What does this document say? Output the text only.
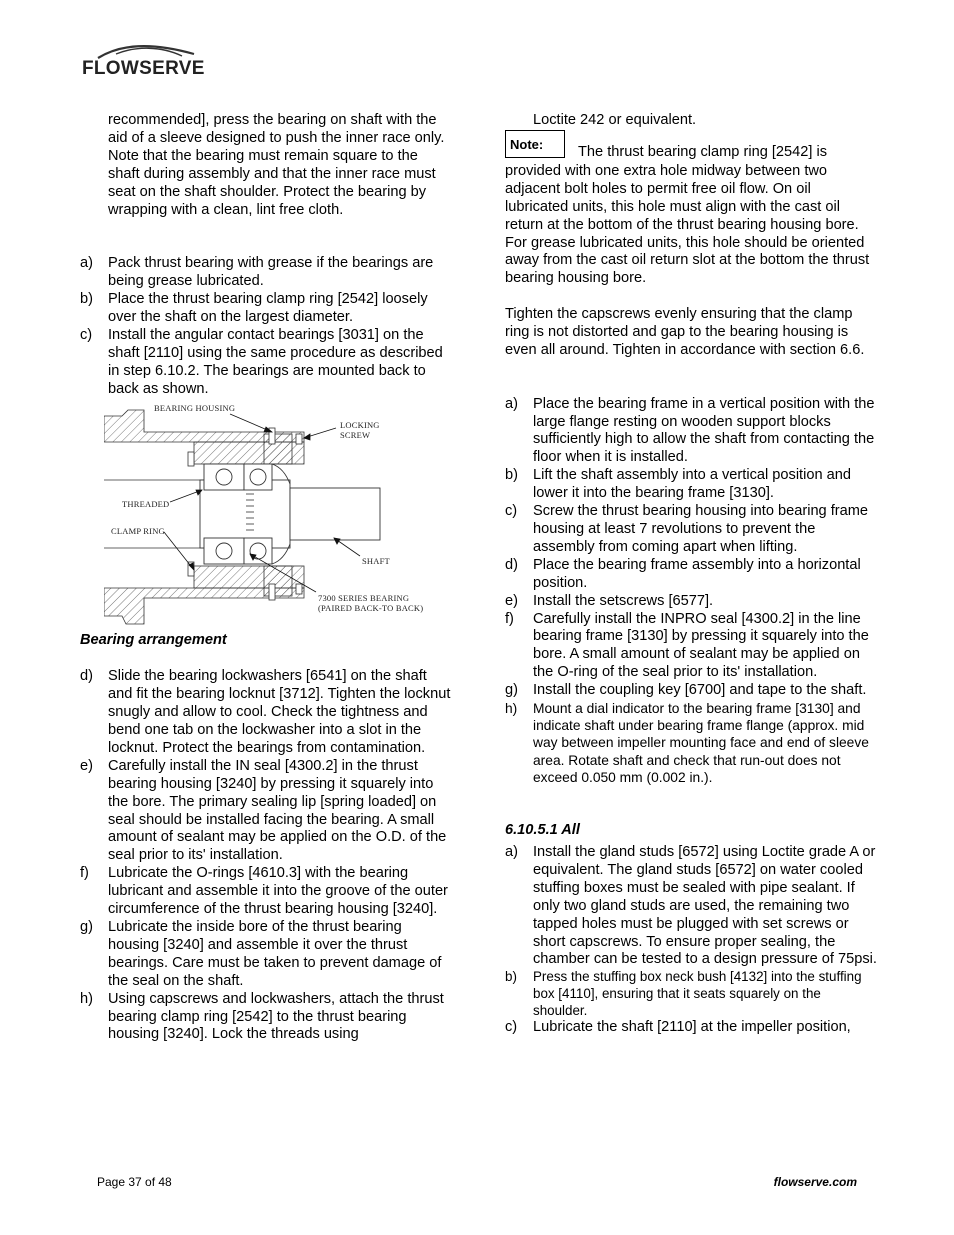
FLOWSERVE
recommended], press the bearing on shaft with the aid of a sleeve designed to push the inner race only. Note that the bearing must remain square to the shaft during assembly and that the inner race must seat on the shaft shoulder. Protect the bearing by wrapping with a clean, lint free cloth.
a) Pack thrust bearing with grease if the bearings are being grease lubricated.
b) Place the thrust bearing clamp ring [2542] loosely over the shaft on the largest diameter.
c) Install the angular contact bearings [3031] on the shaft [2110] using the same procedure as described in step 6.10.2. The bearings are mounted back to back as shown.
BEARING HOUSING
LOCKING SCREW
THREADED
CLAMP RING
SHAFT
7300 SERIES BEARING (PAIRED BACK-TO BACK)
Bearing arrangement
d) Slide the bearing lockwashers [6541] on the shaft and fit the bearing locknut [3712]. Tighten the locknut snugly and allow to cool. Check the tightness and bend one tab on the lockwasher into a slot in the locknut. Protect the bearings from contamination.
e) Carefully install the IN seal [4300.2] in the thrust bearing housing [3240] by pressing it squarely into the bore. The primary sealing lip [spring loaded] on seal should be installed facing the bearing. A small amount of sealant may be applied on the O.D. of the seal prior to its' installation.
f) Lubricate the O-rings [4610.3] with the bearing lubricant and assemble it into the groove of the outer circumference of the thrust bearing housing [3240].
g) Lubricate the inside bore of the thrust bearing housing [3240] and assemble it over the thrust bearings. Care must be taken to prevent damage of the seal on the shaft.
h) Using capscrews and lockwashers, attach the thrust bearing clamp ring [2542] to the thrust bearing housing [3240]. Lock the threads using
Loctite 242 or equivalent.
Note:	The thrust bearing clamp ring [2542] is
provided with one extra hole midway between two adjacent bolt holes to permit free oil flow. On oil lubricated units, this hole must align with the cast oil return at the bottom of the thrust bearing housing bore. For grease lubricated units, this hole should be oriented away from the cast oil return slot at the bottom the thrust bearing housing bore.
Tighten the capscrews evenly ensuring that the clamp ring is not distorted and gap to the bearing housing is even all around. Tighten in accordance with section 6.6.
a) Place the bearing frame in a vertical position with the large flange resting on wooden support blocks sufficiently high to allow the shaft from contacting the floor when it is installed.
b) Lift the shaft assembly into a vertical position and lower it into the bearing frame [3130].
c) Screw the thrust bearing housing into bearing frame housing at least 7 revolutions to prevent the assembly from coming apart when lifting.
d) Place the bearing frame assembly into a horizontal position.
e) Install the setscrews [6577].
f) Carefully install the INPRO seal [4300.2] in the line bearing frame [3130] by pressing it squarely into the bore. A small amount of sealant may be applied on the O-ring of the seal prior to its' installation.
g) Install the coupling key [6700] and tape to the shaft.
h) Mount a dial indicator to the bearing frame [3130] and indicate shaft under bearing frame flange (approx. mid way between impeller mounting face and end of sleeve area. Rotate shaft and check that run-out does not exceed 0.050 mm (0.002 in.).
6.10.5.1 All
a) Install the gland studs [6572] using Loctite grade A or equivalent. The gland studs [6572] on water cooled stuffing boxes must be sealed with pipe sealant. If only two gland studs are used, the remaining two tapped holes must be plugged with set screws or short capscrews. To ensure proper sealing, the chamber can be tested to a design pressure of 75psi.
b) Press the stuffing box neck bush [4132] into the stuffing box [4110], ensuring that it seats squarely on the shoulder.
c) Lubricate the shaft [2110] at the impeller position,
Page 37 of 48	flowserve.com
